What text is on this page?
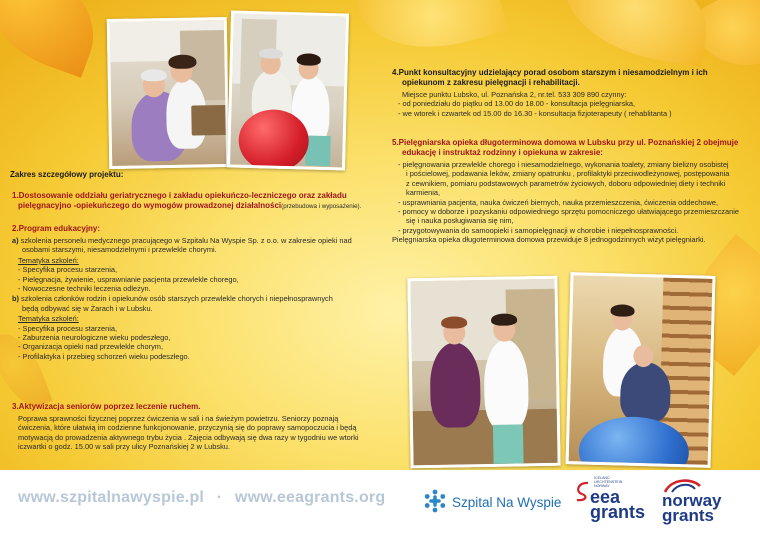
Zakres szczegółowy projektu:
1.Dostosowanie oddziału geriatrycznego i zakładu opiekuńczo-leczniczego oraz zakładu
pielęgnacyjno -opiekuńczego do wymogów prowadzonej działalności(przebudowa i wyposażenie).
2.Program edukacyjny:
a) szkolenia personelu medycznego pracującego w Szpitalu Na Wyspie Sp. z o.o. w zakresie opieki nad
osobami starszymi, niesamodzielnymi i przewlekle chorymi.
Tematyka szkoleń:
- Specyfika procesu starzenia,
- Pielęgnacja, żywienie, usprawnianie pacjenta przewlekle chorego,
- Nowoczesne techniki leczenia odleżyn.
b) szkolenia członków rodzin i opiekunów osób starszych przewlekle chorych i niepełnosprawnych
będą odbywać się w Żarach i w Lubsku.
Tematyka szkoleń:
- Specyfika procesu starzenia,
- Zaburzenia neurologiczne wieku podeszłego,
- Organizacja opieki nad przewlekle chorym,
- Profilaktyka i przebieg schorzeń wieku podeszłego.
3.Aktywizacja seniorów poprzez leczenie ruchem.
Poprawa sprawności fizycznej poprzez ćwiczenia w sali i na świeżym powietrzu. Seniorzy poznają
ćwiczenia, które ułatwią im codzienne funkcjonowanie, przyczynią się do poprawy samopoczucia i będą
motywacją do prowadzenia aktywnego trybu życia . Zajęcia odbywają się dwa razy w tygodniu we wtorki
iczwartki o godz. 15.00 w sali przy ulicy Poznańskiej 2 w Lubsku.
4.Punkt konsultacyjny udzielający porad osobom starszym i niesamodzielnym i ich
opiekunom z zakresu pielęgnacji i rehabilitacji.
Miejsce punktu Lubsko, ul. Poznańska 2, nr.tel. 533 309 890 czynny:
- od poniedziału do piątku od 13.00 do 18.00 - konsultacja pielęgniarska,
- we wtorek i czwartek od 15.00 do 16.30 - konsultacja fizjoterapeuty ( rehablitanta )
5.Pielęgniarska opieka długoterminowa domowa w Lubsku przy ul. Poznańskiej 2 obejmuje
edukację i instruktaż rodzinny i opiekuna w zakresie:
- pielęgnowania przewlekle chorego i niesamodzielnego, wykonania toalety, zmiany bielizny osobistej
i pościelowej, podawania leków, zmiany opatrunku , profilaktyki przeciwodleżynowej, postępowania
z cewnikiem, pomiaru podstawowych parametrów życiowych, doboru odpowiedniej diety i techniki
karmienia,
- usprawniania pacjenta, nauka ćwiczeń biernych, nauka przemieszczenia, ćwiczenia oddechowe,
- pomocy w doborze i pozyskaniu odpowiedniego sprzętu pomocniczego ułatwiającego przemieszczanie
się i nauka posługiwania się nim,
- przygotowywania do samoopieki i samopielęgnacji w chorobie i niepełnosprawności.
Pielęgniarska opieka długoterminowa domowa przewiduje 8 jednogodzinnych wizyt pielęgniarki.
www.szpitalnawyspie.pl · www.eeagrants.org	Szpital Na Wyspie
ICELAND
LIECHTENSTEIN
NORWAY
eea
grants
norway
grants
